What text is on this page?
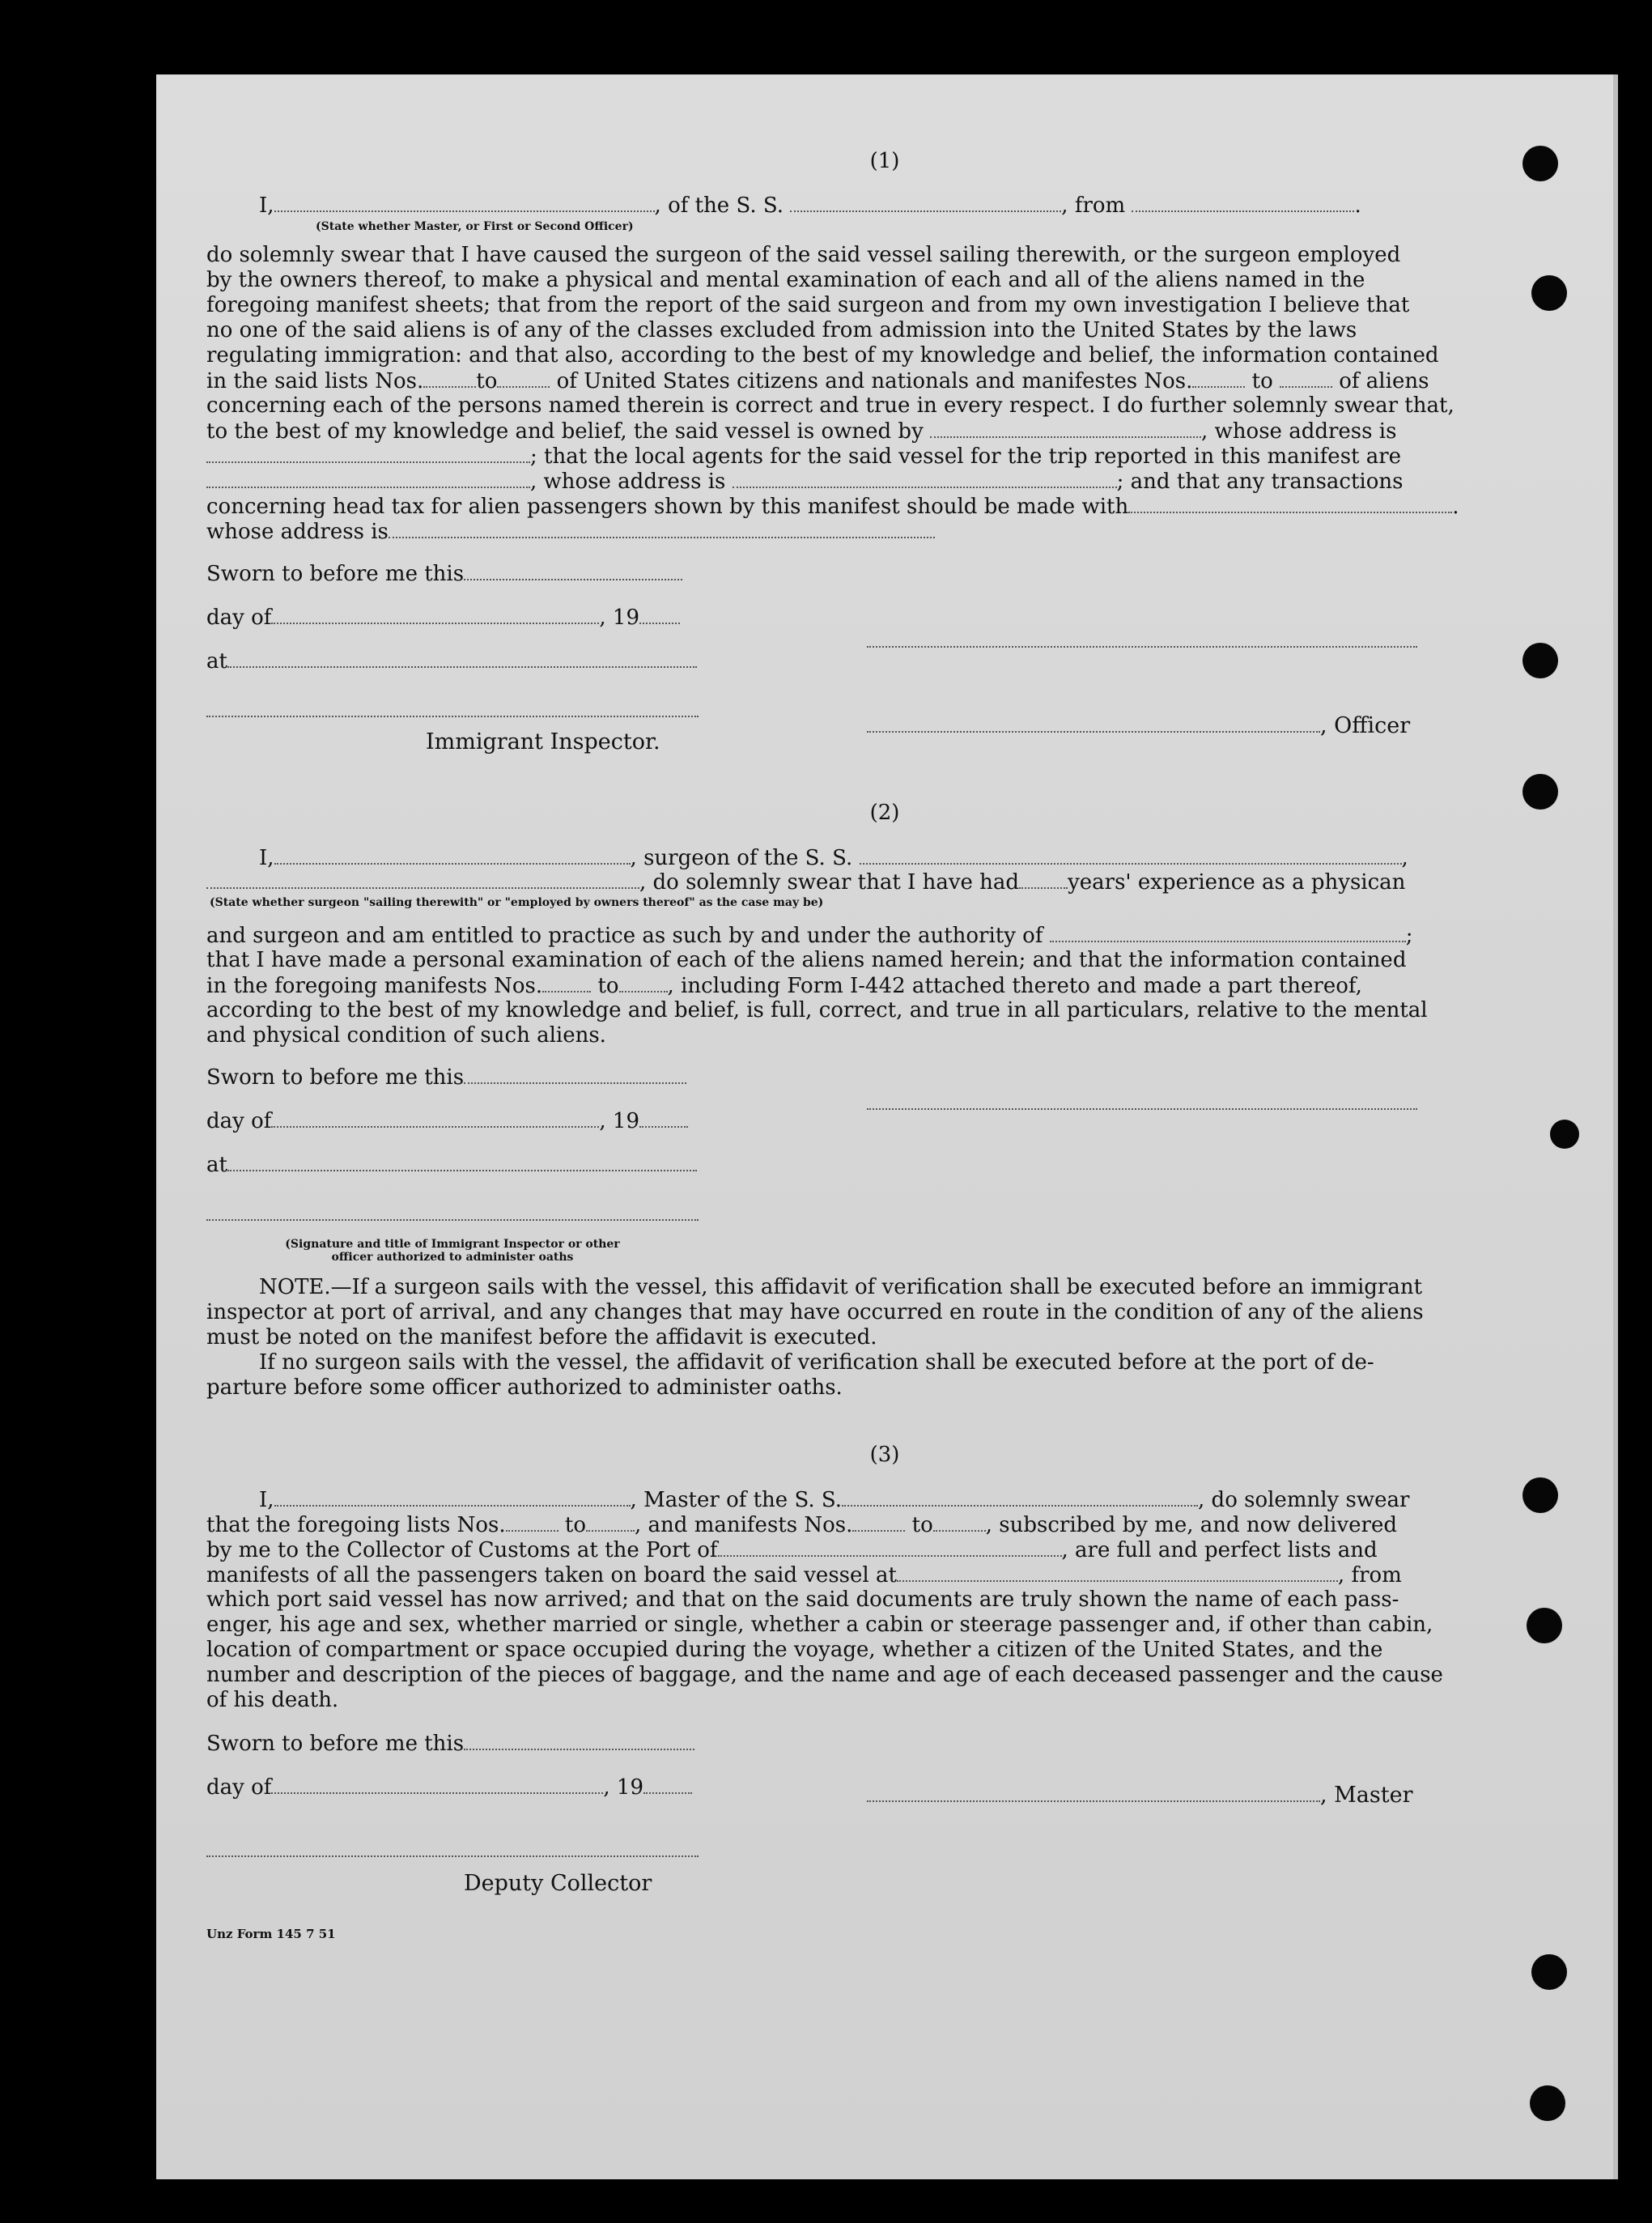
(1)
I,	, of the S. S.	, from	.
(State whether Master, or First or Second Officer)
do solemnly swear that I have caused the surgeon of the said vessel sailing therewith, or the surgeon employed
by the owners thereof, to make a physical and mental examination of each and all of the aliens named in the
foregoing manifest sheets; that from the report of the said surgeon and from my own investigation I believe that
no one of the said aliens is of any of the classes excluded from admission into the United States by the laws
regulating immigration: and that also, according to the best of my knowledge and belief, the information contained
in the said lists Nos.	to	of United States citizens and nationals and manifestes Nos.	to	of aliens
concerning each of the persons named therein is correct and true in every respect. I do further solemnly swear that,
to the best of my knowledge and belief, the said vessel is owned by	, whose address is
; that the local agents for the said vessel for the trip reported in this manifest are
, whose address is	; and that any transactions
concerning head tax for alien passengers shown by this manifest should be made with	.
whose address is
Sworn to before me this
day of	, 19
at
Immigrant Inspector.
, Officer
(2)
I,	, surgeon of the S. S.	,
, do solemnly swear that I have had years' experience as a physican
(State whether surgeon "sailing therewith" or "employed by owners thereof" as the case may be)
and surgeon and am entitled to practice as such by and under the authority of	;
that I have made a personal examination of each of the aliens named herein; and that the information contained
in the foregoing manifests Nos.	to , including Form I-442 attached thereto and made a part thereof,
according to the best of my knowledge and belief, is full, correct, and true in all particulars, relative to the mental
and physical condition of such aliens.
Sworn to before me this
day of	, 19
at
(Signature and title of Immigrant Inspector or other
officer authorized to administer oaths
NOTE.—If a surgeon sails with the vessel, this affidavit of verification shall be executed before an immigrant
inspector at port of arrival, and any changes that may have occurred en route in the condition of any of the aliens
must be noted on the manifest before the affidavit is executed.
If no surgeon sails with the vessel, the affidavit of verification shall be executed before at the port of de-
parture before some officer authorized to administer oaths.
(3)
I,	, Master of the S. S.	, do solemnly swear
that the foregoing lists Nos.	to , and manifests Nos.	to	, subscribed by me, and now delivered
by me to the Collector of Customs at the Port of	, are full and perfect lists and
manifests of all the passengers taken on board the said vessel at	, from
which port said vessel has now arrived; and that on the said documents are truly shown the name of each pass-
enger, his age and sex, whether married or single, whether a cabin or steerage passenger and, if other than cabin,
location of compartment or space occupied during the voyage, whether a citizen of the United States, and the
number and description of the pieces of baggage, and the name and age of each deceased passenger and the cause
of his death.
Sworn to before me this
day of	, 19	, Master
Deputy Collector
Unz Form 145 7 51
